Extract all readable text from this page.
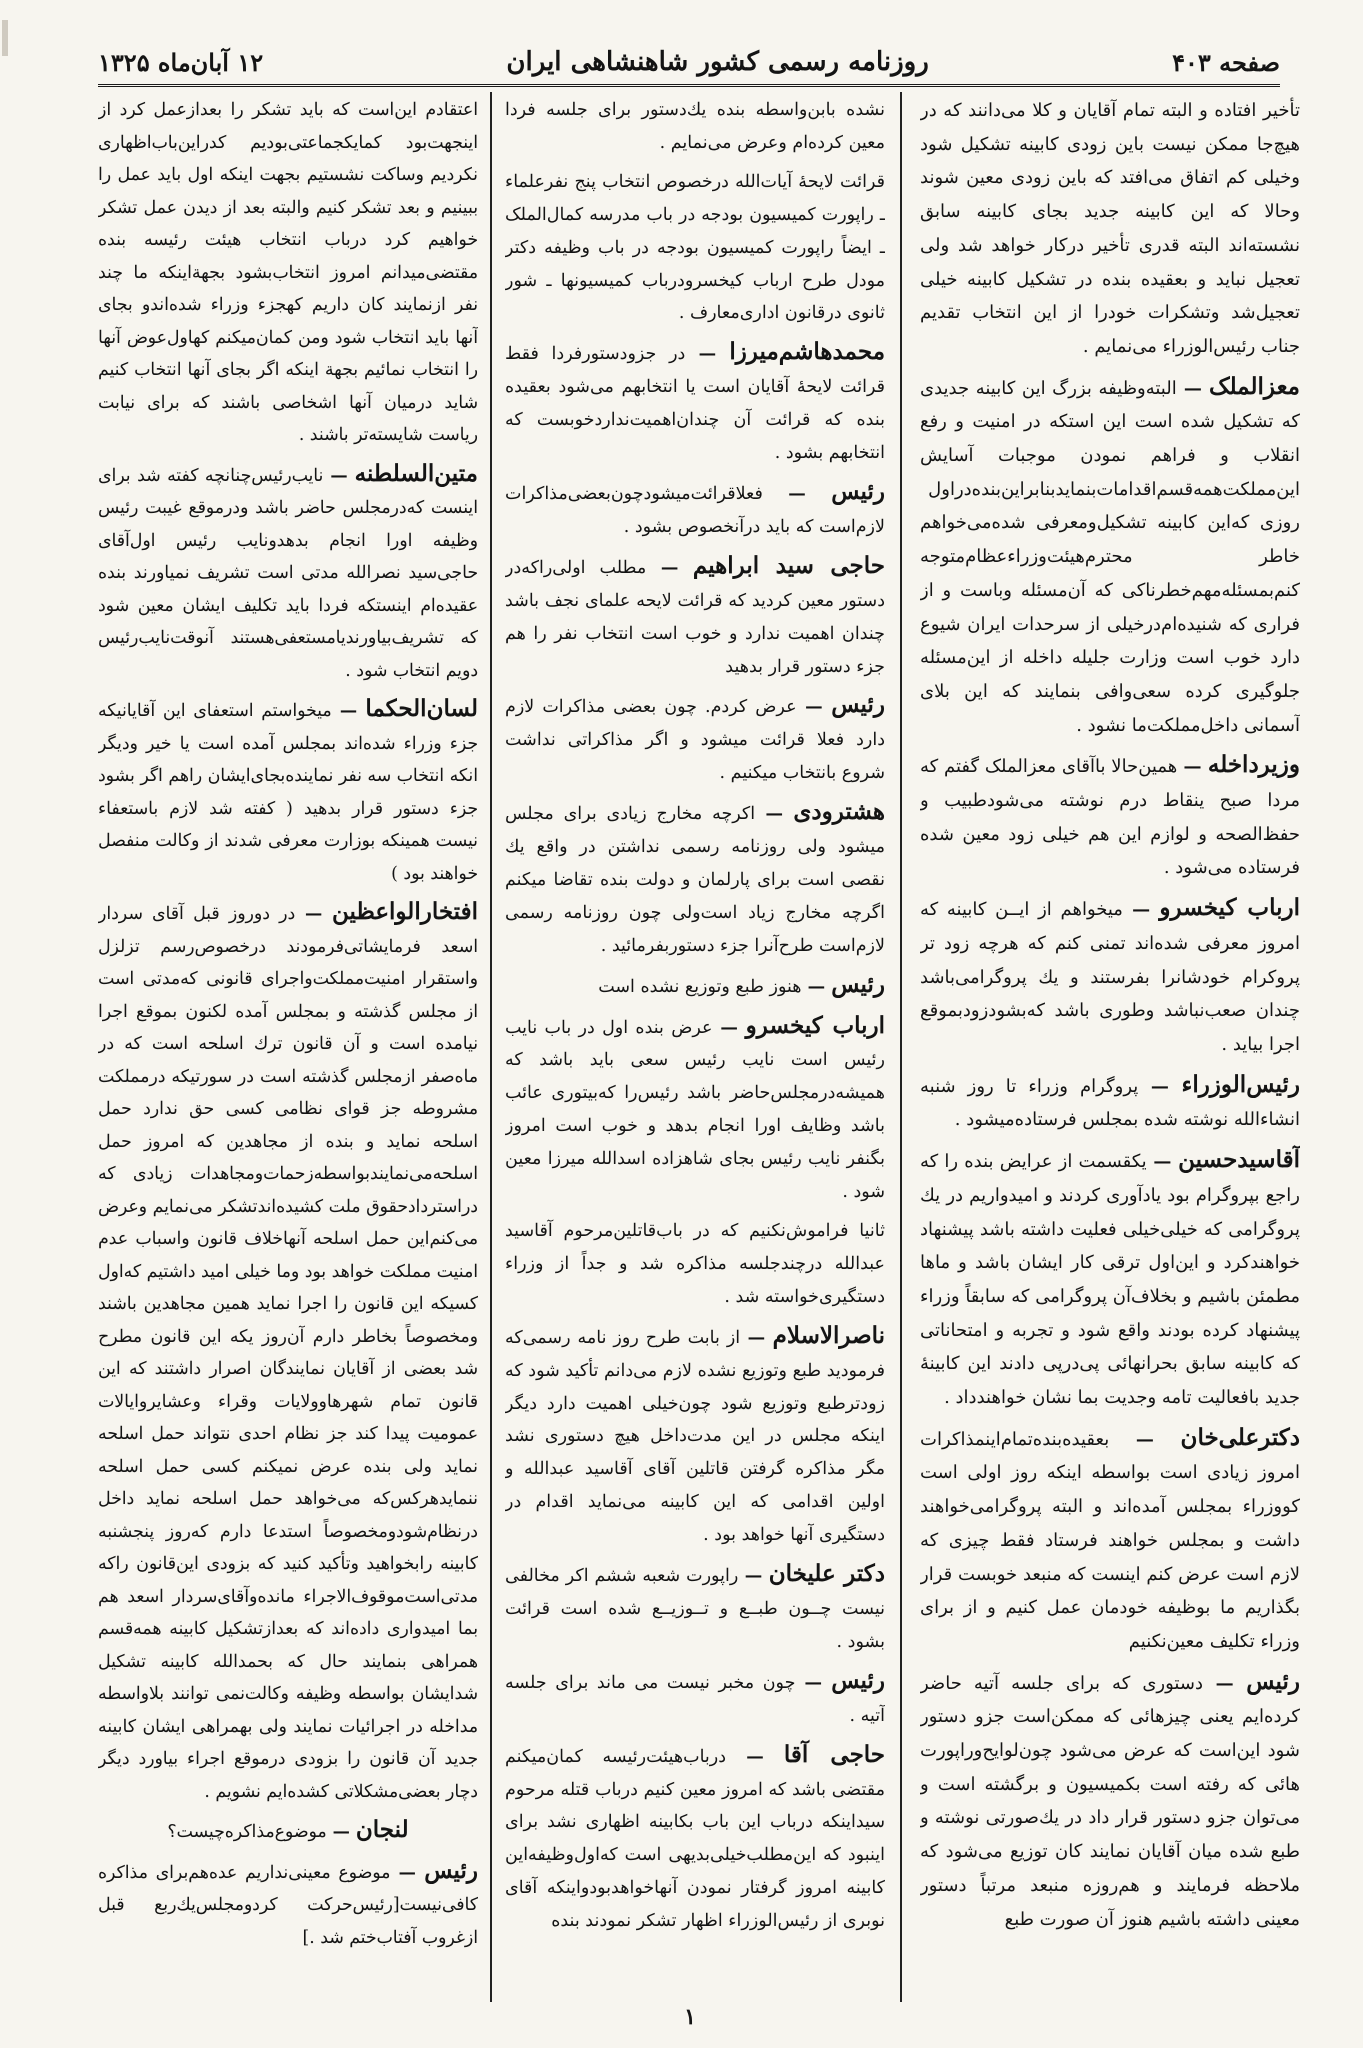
صفحه ۴۰۳
روزنامه رسمی کشور شاهنشاهی ایران
۱۲ آبان‌ماه ۱۳۲۵

تأخیر افتاده و البته تمام آقایان و کلا می‌دانند که در هیچ‌جا ممکن نیست باین زودی کابینه تشکیل شود وخیلی کم اتفاق می‌افتد که باین زودی معین شوند وحالا که این کابینه جدید بجای کابینه سابق نشسته‌اند البته قدری تأخیر درکار خواهد شد ولی تعجیل نباید و بعقیده بنده در تشکیل کابینه خیلی تعجیل‌شد وتشکرات خودرا از این انتخاب تقدیم جناب رئیس‌الوزراء می‌نمایم .

معزالملک — البته‌وظیفه بزرگ این کابینه جدیدی که تشکیل شده است این استکه در امنیت و رفع انقلاب و فراهم نمودن موجبات آسایش این‌مملکت‌همه‌قسم‌اقدامات‌بنماید‌بنا‌بر‌این‌بنده‌دراول روزی که‌این کابینه تشکیل‌ومعرفی شده‌می‌خواهم خاطر محترم‌هیئت‌وزراءعظام‌متوجه کنم‌بمسئله‌مهم‌خطرناکی که آن‌مسئله وباست و از فراری که شنیده‌ام‌درخیلی از سرحدات ایران شیوع دارد خوب است وزارت جلیله داخله از این‌مسئله جلوگیری کرده سعی‌وافی بنمایند که این بلای آسمانی داخل‌مملکت‌ما نشود .

وزیرداخله — همین‌حالا باآقای معزالملک گفتم که مردا صبح ینقاط درم نوشته می‌شودطبیب و حفظ‌الصحه و لوازم این هم خیلی زود معین شده فرستاده می‌شود .

ارباب کیخسرو — میخواهم از ایــن کابینه که امروز معرفی شده‌اند تمنی کنم که هرچه زود تر پروکرام خودشانرا بفرستند و یك پروگرامی‌باشد چندان صعب‌نباشد وطوری باشد که‌بشودزودبموقع اجرا بیاید .

رئیس‌الوزراء — پروگرام وزراء تا روز شنبه انشاءالله نوشته شده بمجلس فرستاده‌میشود .

آقاسیدحسین — یکقسمت از عرایض بنده را که راجع بپروگرام بود یادآوری کردند و امیدواریم در یك پروگرامی که خیلی‌خیلی فعلیت داشته باشد پیشنهاد خواهندکرد و این‌اول ترقی کار ایشان باشد و ماها مطمئن باشیم و بخلاف‌آن پروگرامی که سابقاً وزراء پیشنهاد کرده بودند واقع شود و تجربه و امتحاناتی که کابینه سابق بحرانهائی پی‌درپی دادند این کابینهٔ جدید بافعالیت تامه وجدیت بما نشان خواهند‌داد .

دکترعلی‌خان — بعقیده‌بنده‌تمام‌اینمذاکرات امروز زیادی است بواسطه اینکه روز اولی است کووزراء بمجلس آمده‌اند و البته پروگرامی‌خواهند داشت و بمجلس خواهند فرستاد فقط چیزی که لازم است عرض کنم اینست که منبعد خوبست قرار بگذاریم ما بوظیفه خودمان عمل کنیم و از برای وزراء تکلیف معین‌نکنیم

رئیس — دستوری که برای جلسه آتیه حاضر کرده‌ایم یعنی چیزهائی که ممکن‌است جزو دستور شود این‌است که عرض می‌شود چون‌لوایح‌وراپورت هائی که رفته است بکمیسیون و برگشته است و می‌توان جزو دستور قرار داد در یك‌صورتی نوشته و طبع شده میان آقایان نمایند کان توزیع می‌شود که ملاحظه فرمایند و هم‌روزه منبعد مرتباً دستور معینی داشته باشیم هنوز آن صورت طبع

نشده بابن‌واسطه بنده یك‌دستور برای جلسه فردا معین کرده‌ام وعرض می‌نمایم .

قرائت لایحهٔ آیات‌الله درخصوص انتخاب پنج نفرعلماء ـ راپورت کمیسیون بودجه در باب مدرسه کمال‌الملک ـ ایضاً راپورت کمیسیون بودجه در باب وظیفه دکتر مودل طرح ارباب کیخسرودرباب کمیسیونها ـ شور ثانوی درقانون اداری‌معارف .

محمدهاشم‌میرزا — در جزودستورفردا فقط قرائت لایحهٔ آقایان است یا انتخابهم می‌شود بعقیده بنده که قرائت آن چندان‌اهمیت‌ندارد‌خوبست که انتخابهم بشود .

رئیس — فعلاقرائت‌میشودچون‌بعضی‌مذاکرات لازم‌است که باید درآنخصوص بشود .

حاجی سید ابراهیم — مطلب اولی‌راکه‌در دستور معین کردید که قرائت لایحه علمای نجف باشد چندان اهمیت ندارد و خوب است انتخاب نفر را هم جزء دستور قرار بدهید

رئیس — عرض کردم. چون بعضی مذاکرات لازم دارد فعلا قرائت میشود و اگر مذاکراتی نداشت شروع بانتخاب میکنیم .

هشترودی — اکرچه مخارج زیادی برای مجلس میشود ولی روزنامه رسمی نداشتن در واقع یك نقصی است برای پارلمان و دولت بنده تقاضا میکنم ا‌گرچه مخارج زیاد است‌ولی چون روزنامه رسمی لازم‌است طرح‌آنرا جزء دستوربفرمائید .

رئیس — هنوز طبع وتوزیع نشده است

ارباب کیخسرو — عرض بنده اول در باب نایب رئیس است نایب رئیس سعی باید باشد که همیشه‌درمجلس‌حاضر باشد رئیس‌را که‌بیتوری عائب باشد وظایف اورا انجام بدهد و خوب است امروز بگنفر نایب رئیس بجای شاهزاده اسدالله میرزا معین شود .

ثانیا فراموش‌نکنیم که در باب‌قاتلین‌مرحوم آقاسید عبدالله درچندجلسه مذاکره شد و جداً از وزراء دستگیری‌خواسته شد .

ناصرالاسلام — از بابت طرح روز نامه رسمی‌که فرمودید طبع وتوزیع نشده لازم می‌دانم تأکید شود که زودترطبع وتوزیع شود چون‌خیلی اهمیت دارد دیگر اینکه مجلس در این مدت‌داخل هیچ دستوری نشد مگر مذاکره گرفتن قاتلین آقای آقاسید عبدالله و اولین اقدامی که این کابینه می‌نماید اقدام در دستگیری آنها خواهد بود .

دکتر علیخان — راپورت شعبه ششم اکر مخالفی نیست چــون طبــع و تــوزیــع شده است قرائت بشود .

رئیس — چون مخبر نیست می ماند برای جلسه آتیه .

حاجی آقا — درباب‌هیئت‌رئیسه کمان‌میکنم مقتضی باشد که امروز معین کنیم درباب قتله مرحوم سیداینکه درباب این باب بکابینه اظهاری نشد برای اینبود که این‌مطلب‌خیلی‌بدیهی است که‌اول‌وظیفه‌این کابینه امروز گرفتار نمودن آنها‌خواهدبود‌واینکه آقای نوبری از رئیس‌الوزراء اظهار تشکر نمودند بنده

اعتقادم این‌است که باید تشکر را بعدازعمل کرد از اینجهت‌بود کمایکجماعتی‌بودیم کدراین‌باب‌اظهاری نکردیم وساکت نشستیم بجهت اینکه اول باید عمل را ببینیم و بعد تشکر کنیم والبته بعد از دیدن عمل تشکر خواهیم کرد درباب انتخاب هیئت رئیسه بنده مقتضی‌میدانم امروز انتخاب‌بشود بجهةاینکه ما چند نفر ازنمایند کان داریم کهجزء وزراء شده‌اندو بجای آنها باید انتخاب شود ومن کمان‌میکنم کهاول‌عوض آنها را انتخاب نمائیم بجهة اینکه اگر بجای آنها انتخاب کنیم شاید درمیان آنها اشخاصی باشند که برای نیابت ریاست شایسته‌تر باشند .

متین‌السلطنه — نایب‌رئیس‌چنانچه کفته شد برای اینست که‌درمجلس حاضر باشد ودرموقع غیبت رئیس وظیفه اورا انجام بدهدونایب رئیس اول‌آقای حاجی‌سید نصرالله مدتی است تشریف نمیاورند بنده عقیده‌ام اینستکه فردا باید تکلیف ایشان معین شود که تشریف‌بیاورند‌یا‌مستعفی‌هستند آنوقت‌نایب‌رئیس دویم انتخاب شود .

لسان‌الحکما — میخواستم استعفای این آقایانیکه جزء وزراء شده‌اند بمجلس آمده است یا خیر ودیگر انکه انتخاب سه نفر نماینده‌بجای‌ایشان راهم اگر بشود جزء دستور قرار بدهید ( کفته شد لازم باستعفاء نیست همینکه بوزارت معرفی شدند از وکالت منفصل خواهند بود )

افتخارالواعظین — در دوروز قبل آقای سردار اسعد فرمایشاتی‌فرمودند درخصوص‌رسم تزلزل واستقرار امنیت‌مملکت‌واجرای قانونی که‌مدتی است از مجلس گذشته و بمجلس آمده لکنون بموقع اجرا نیامده است و آن قانون ترك اسلحه است که در ماه‌صفر ازمجلس گذشته است در سورتیکه درمملکت مشروطه جز قوای نظامی کسی حق ندارد حمل اسلحه نماید و بنده از مجاهدین که امروز حمل اسلحه‌می‌نمایند‌بواسطه‌زحمات‌ومجاهدات زیادی که دراستردادحقوق ملت کشیده‌اندتشکر می‌نمایم وعرض می‌کنم‌این حمل اسلحه آنهاخلاف قانون واسباب عدم امنیت مملکت خواهد بود وما خیلی امید داشتیم که‌اول کسیکه این قانون را اجرا نماید همین مجاهدین باشند ومخصوصاً بخاطر دارم آن‌روز یکه این قانون مطرح شد بعضی از آقایان نمایند‌گان اصرار داشتند که این قانون تمام شهرهاوولایات وقراء وعشایروایالات عمومیت پیدا کند جز نظام احدی نتواند حمل اسلحه نماید ولی بنده عرض نمیکنم کسی حمل اسلحه ننماید‌هرکس‌که می‌خواهد حمل اسلحه نماید داخل درنظام‌شود‌ومخصوصاً استدعا دارم که‌روز پنجشنبه کابینه رابخواهید وتأکید کنید که بزودی این‌قانون راکه مدتی‌است‌موقوف‌الاجراء مانده‌وآقای‌سردار اسعد هم بما امیدواری داده‌اند که بعدازتشکیل کابینه همه‌قسم همراهی بنمایند حال که بحمدالله کابینه تشکیل شدایشان بواسطه وظیفه وکالت‌نمی توانند بلاواسطه مداخله در اجرائیات نمایند ولی بهمراهی ایشان کابینه جدید آن قانون را بزودی درموقع اجراء بیاورد دیگر دچار بعضی‌مشکلاتی کشده‌ایم نشویم .

لنجان — موضوع‌مذاکره‌چیست؟

رئیس — موضوع معینی‌نداریم عده‌هم‌برای مذاکره کافی‌نیست[رئیس‌حرکت کرد‌ومجلس‌یك‌ربع قبل ازغروب آفتاب‌ختم شد .]

۱
